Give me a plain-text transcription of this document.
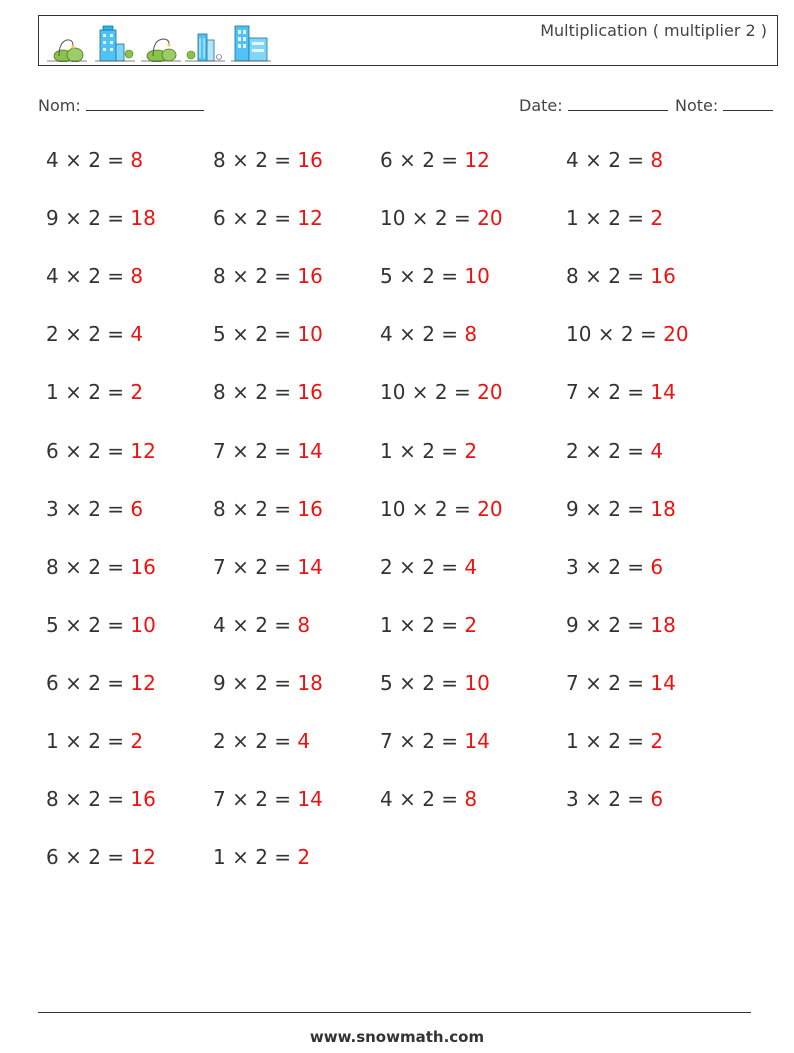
Multiplication ( multiplier 2 )
Nom:	Date:	Note:
4 × 2 = 8	8 × 2 = 16	6 × 2 = 12	4 × 2 = 8
9 × 2 = 18	6 × 2 = 12	10 × 2 = 20	1 × 2 = 2
4 × 2 = 8	8 × 2 = 16	5 × 2 = 10	8 × 2 = 16
2 × 2 = 4	5 × 2 = 10	4 × 2 = 8	10 × 2 = 20
1 × 2 = 2	8 × 2 = 16	10 × 2 = 20	7 × 2 = 14
6 × 2 = 12	7 × 2 = 14	1 × 2 = 2	2 × 2 = 4
3 × 2 = 6	8 × 2 = 16	10 × 2 = 20	9 × 2 = 18
8 × 2 = 16	7 × 2 = 14	2 × 2 = 4	3 × 2 = 6
5 × 2 = 10	4 × 2 = 8	1 × 2 = 2	9 × 2 = 18
6 × 2 = 12	9 × 2 = 18	5 × 2 = 10	7 × 2 = 14
1 × 2 = 2	2 × 2 = 4	7 × 2 = 14	1 × 2 = 2
8 × 2 = 16	7 × 2 = 14	4 × 2 = 8	3 × 2 = 6
6 × 2 = 12	1 × 2 = 2
www.snowmath.com
